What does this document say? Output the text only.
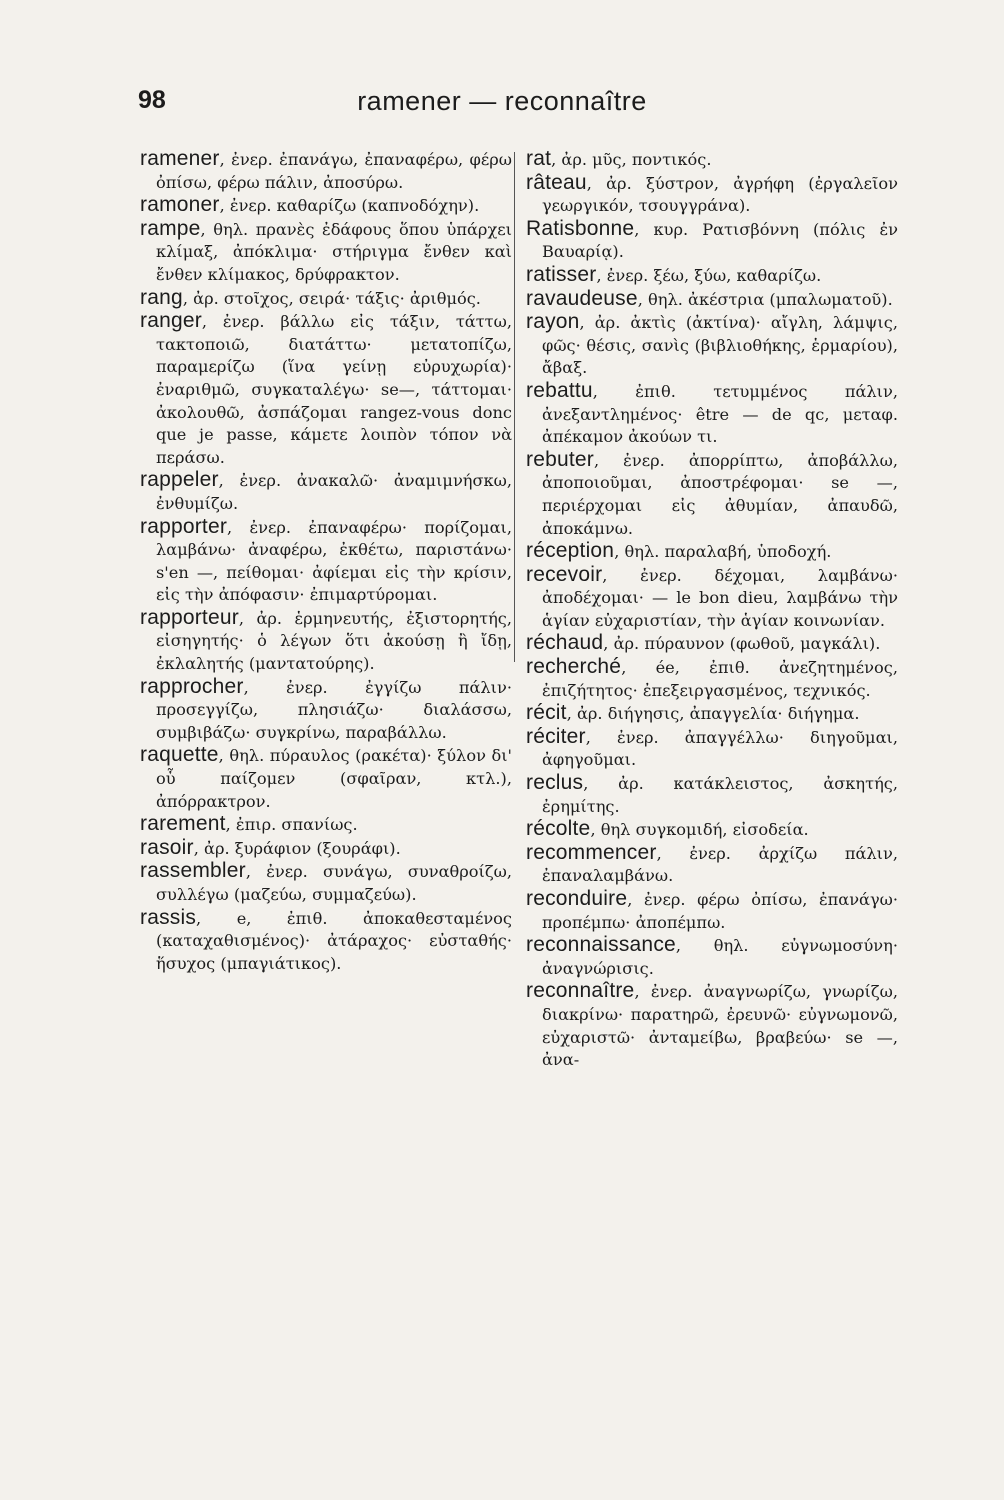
98	ramener — reconnaître

ramener, ἐνερ. ἐπανάγω, ἐπαναφέρω, φέρω ὀπίσω, φέρω πάλιν, ἀποσύρω.

ramoner, ἐνερ. καθαρίζω (καπνοδόχην).

rampe, θηλ. πρανὲς ἐδάφους ὅπου ὑπάρχει κλίμαξ, ἀπόκλιμα· στήριγμα ἔνθεν καὶ ἔνθεν κλίμακος, δρύφρακτον.

rang, ἀρ. στοῖχος, σειρά· τάξις· ἀριθμός.

ranger, ἐνερ. βάλλω εἰς τάξιν, τάττω, τακτοποιῶ, διατάττω· μετατοπίζω, παραμερίζω (ἵνα γείνῃ εὐρυχωρία)· ἐναριθμῶ, συγκαταλέγω· se—, τάττομαι· ἀκολουθῶ, ἀσπάζομαι rangez-vous donc que je passe, κάμετε λοιπὸν τόπον νὰ περάσω.

rappeler, ἐνερ. ἀνακαλῶ· ἀναμιμνήσκω, ἐνθυμίζω.

rapporter, ἐνερ. ἐπαναφέρω· πορίζομαι, λαμβάνω· ἀναφέρω, ἐκθέτω, παριστάνω· s'en —, πείθομαι· ἀφίεμαι εἰς τὴν κρίσιν, εἰς τὴν ἀπόφασιν· ἐπιμαρτύρομαι.

rapporteur, ἀρ. ἑρμηνευτής, ἐξιστορητής, εἰσηγητής· ὁ λέγων ὅτι ἀκούσῃ ἢ ἴδῃ, ἐκλαλητής (μαντατούρης).

rapprocher, ἐνερ. ἐγγίζω πάλιν· προσεγγίζω, πλησιάζω· διαλάσσω, συμβιβάζω· συγκρίνω, παραβάλλω.

raquette, θηλ. πύραυλος (ρακέτα)· ξύλον δι' οὗ παίζομεν (σφαῖραν, κτλ.), ἀπόρρακτρον.

rarement, ἐπιρ. σπανίως.

rasoir, ἀρ. ξυράφιον (ξουράφι).

rassembler, ἐνερ. συνάγω, συναθροίζω, συλλέγω (μαζεύω, συμμαζεύω).

rassis, e, ἐπιθ. ἀποκαθεσταμένος (καταχαθισμένος)· ἀτάραχος· εὐσταθής· ἥσυχος (μπαγιάτικος).

rat, ἀρ. μῦς, ποντικός.

râteau, ἀρ. ξύστρον, ἀγρήφη (ἐργαλεῖον γεωργικόν, τσουγγράνα).

Ratisbonne, κυρ. Ρατισβόννη (πόλις ἐν Βαυαρίᾳ).

ratisser, ἐνερ. ξέω, ξύω, καθαρίζω.

ravaudeuse, θηλ. ἀκέστρια (μπαλωματοῦ).

rayon, ἀρ. ἀκτὶς (ἀκτίνα)· αἴγλη, λάμψις, φῶς· θέσις, σανὶς (βιβλιοθήκης, ἑρμαρίου), ἄβαξ.

rebattu, ἐπιθ. τετυμμένος πάλιν, ἀνεξαντλημένος· être — de qc, μεταφ. ἀπέκαμον ἀκούων τι.

rebuter, ἐνερ. ἀπορρίπτω, ἀποβάλλω, ἀποποιοῦμαι, ἀποστρέφομαι· se —, περιέρχομαι εἰς ἀθυμίαν, ἀπαυδῶ, ἀποκάμνω.

réception, θηλ. παραλαβή, ὑποδοχή.

recevoir, ἐνερ. δέχομαι, λαμβάνω· ἀποδέχομαι· — le bon dieu, λαμβάνω τὴν ἁγίαν εὐχαριστίαν, τὴν ἁγίαν κοινωνίαν.

réchaud, ἀρ. πύραυνον (φωθοῦ, μαγκάλι).

recherché, ée, ἐπιθ. ἀνεζητημένος, ἐπιζήτητος· ἐπεξειργασμένος, τεχνικός.

récit, ἀρ. διήγησις, ἀπαγγελία· διήγημα.

réciter, ἐνερ. ἀπαγγέλλω· διηγοῦμαι, ἀφηγοῦμαι.

reclus, ἀρ. κατάκλειστος, ἀσκητής, ἐρημίτης.

récolte, θηλ συγκομιδή, εἰσοδεία.

recommencer, ἐνερ. ἀρχίζω πάλιν, ἐπαναλαμβάνω.

reconduire, ἐνερ. φέρω ὀπίσω, ἐπανάγω· προπέμπω· ἀποπέμπω.

reconnaissance, θηλ. εὐγνωμοσύνη· ἀναγνώρισις.

reconnaître, ἐνερ. ἀναγνωρίζω, γνωρίζω, διακρίνω· παρατηρῶ, ἐρευνῶ· εὐγνωμονῶ, εὐχαριστῶ· ἀνταμείβω, βραβεύω· se —, ἀνα-
